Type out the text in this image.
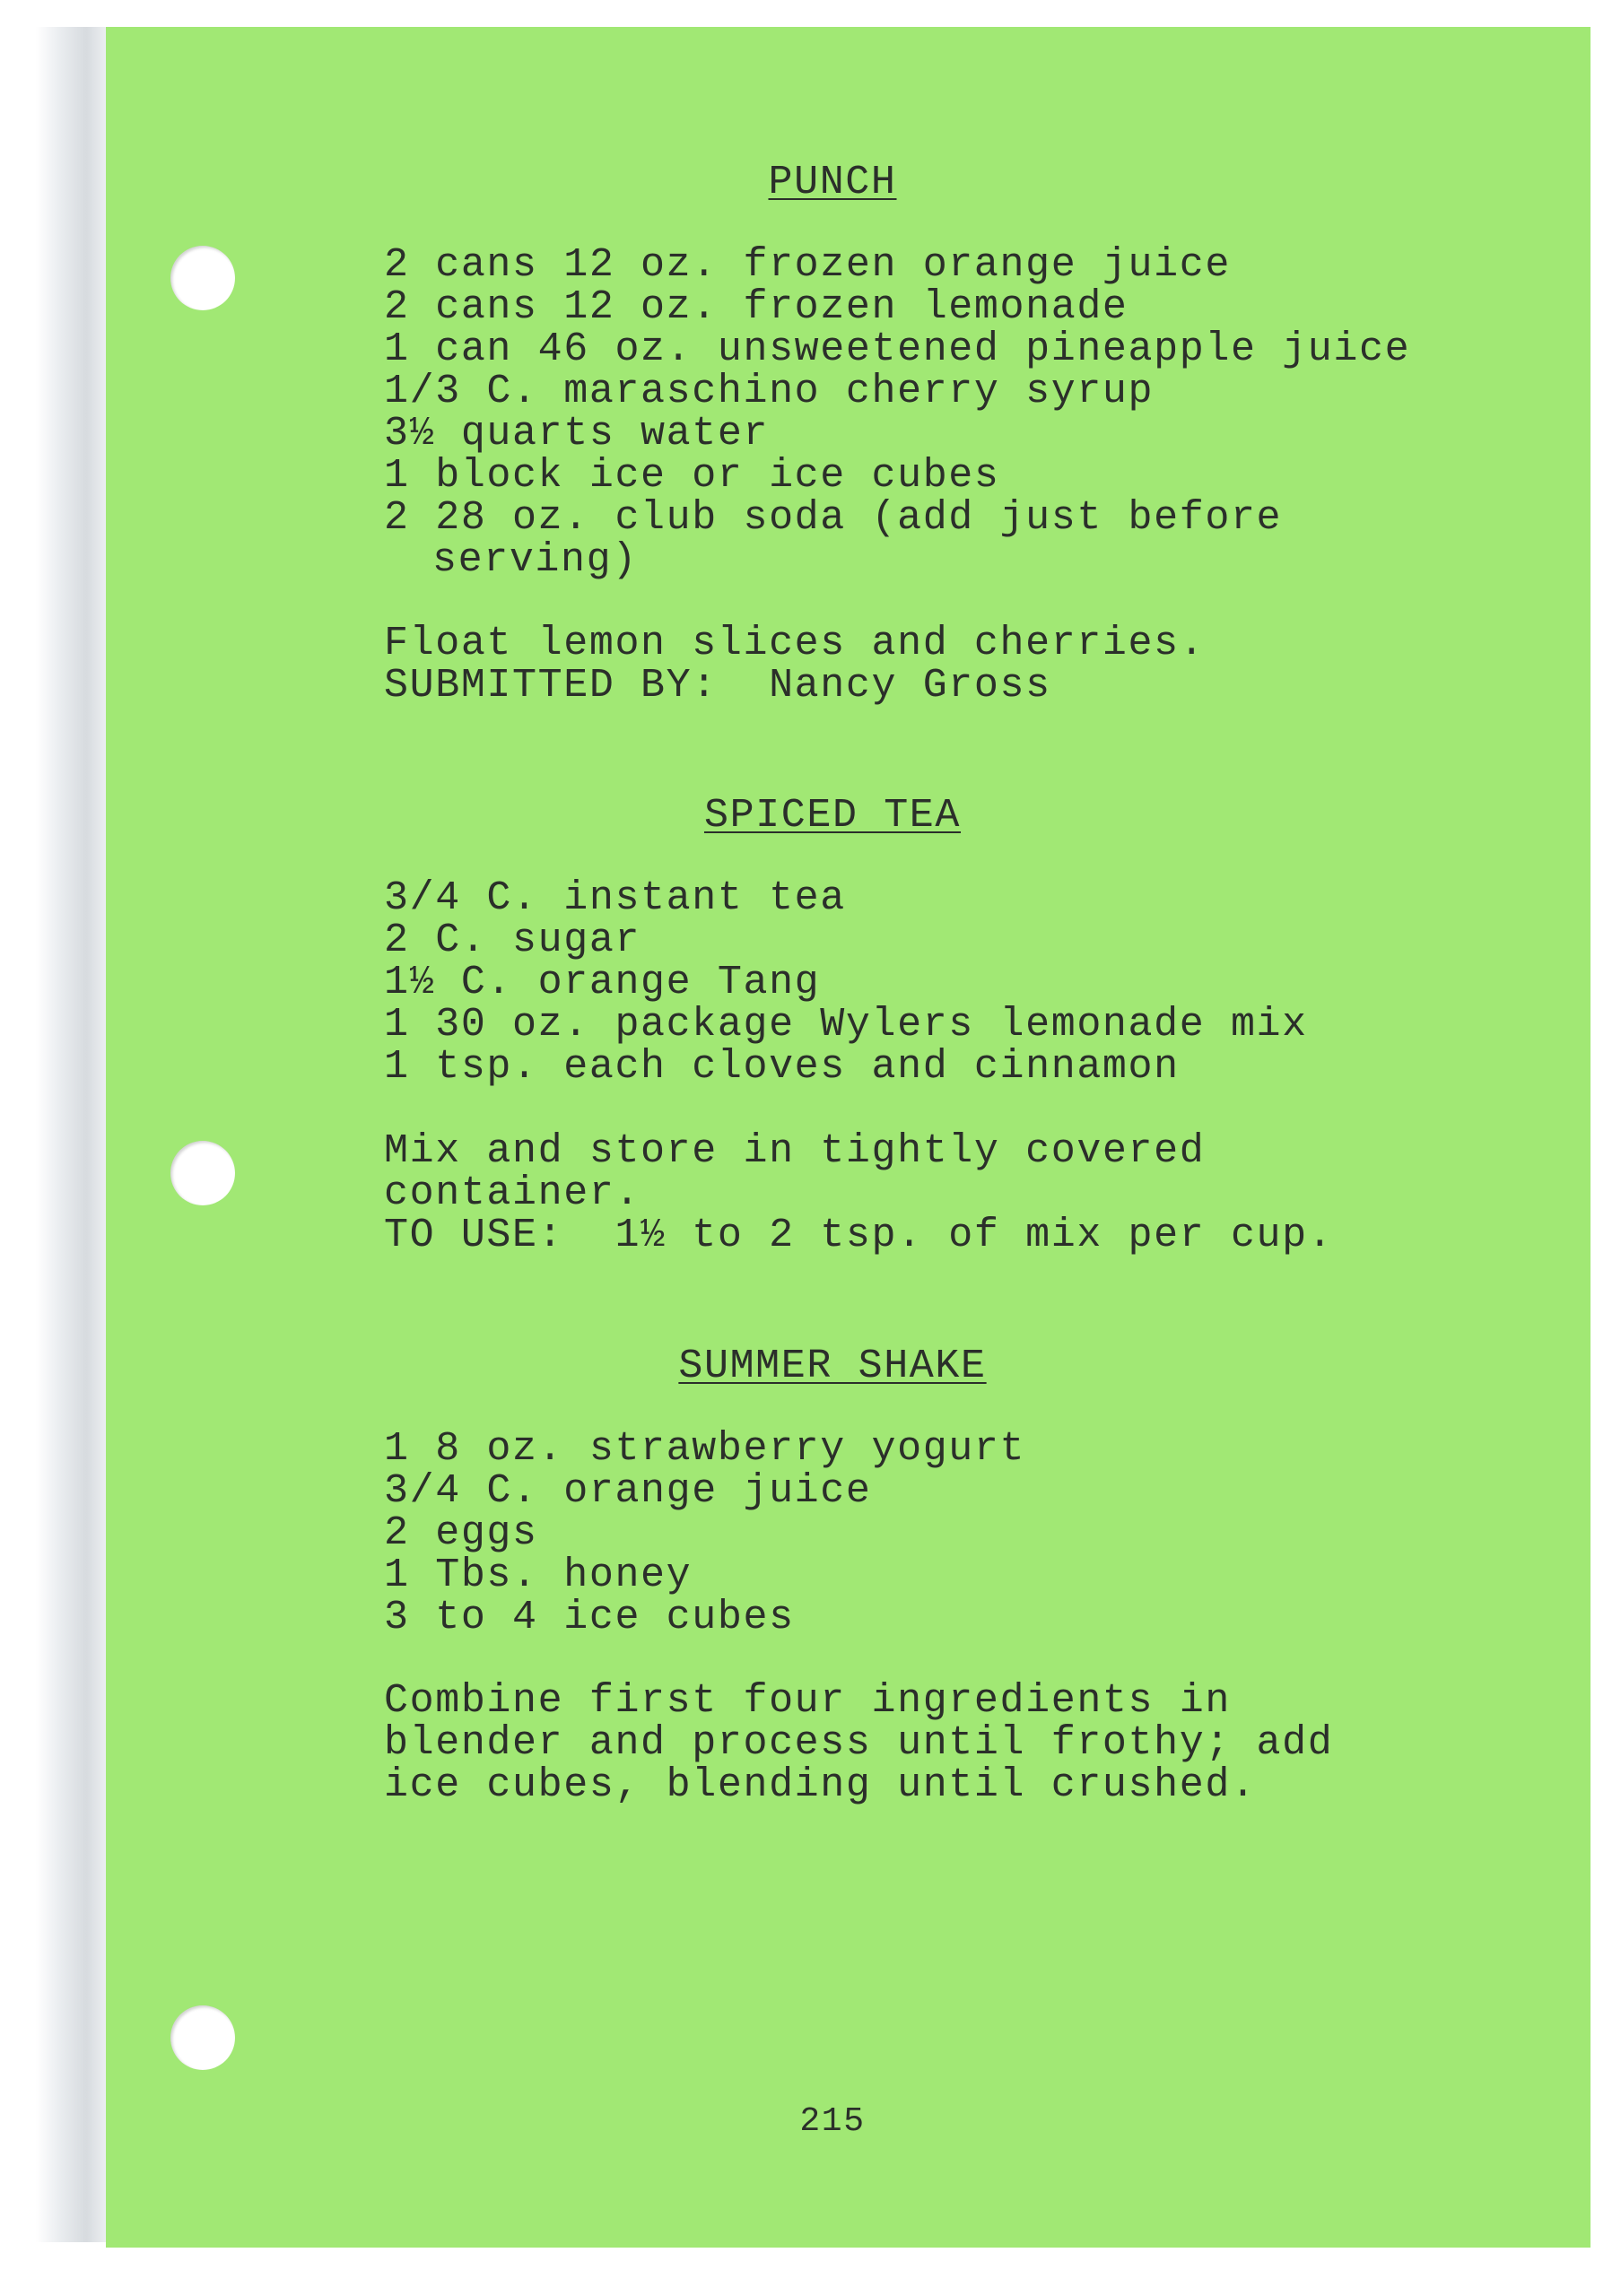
PUNCH
2 cans 12 oz. frozen orange juice
2 cans 12 oz. frozen lemonade
1 can 46 oz. unsweetened pineapple juice
1/3 C. maraschino cherry syrup
3½ quarts water
1 block ice or ice cubes
2 28 oz. club soda (add just before
serving)
Float lemon slices and cherries.
SUBMITTED BY:  Nancy Gross
SPICED TEA
3/4 C. instant tea
2 C. sugar
1½ C. orange Tang
1 30 oz. package Wylers lemonade mix
1 tsp. each cloves and cinnamon
Mix and store in tightly covered
container.
TO USE:  1½ to 2 tsp. of mix per cup.
SUMMER SHAKE
1 8 oz. strawberry yogurt
3/4 C. orange juice
2 eggs
1 Tbs. honey
3 to 4 ice cubes
Combine first four ingredients in
blender and process until frothy; add
ice cubes, blending until crushed.
215
